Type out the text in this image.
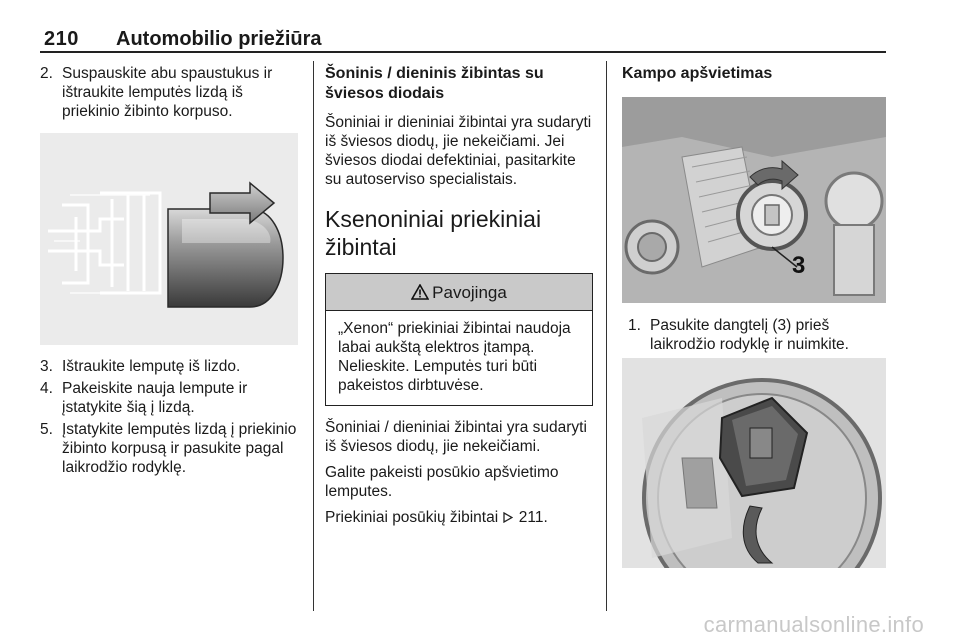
210 Automobilio priežiūra
2. Suspauskite abu spaustukus ir ištraukite lemputės lizdą iš priekinio žibinto korpuso.
3. Ištraukite lemputę iš lizdo.
4. Pakeiskite nauja lempute ir įstatykite šią į lizdą.
5. Įstatykite lemputės lizdą į priekinio žibinto korpusą ir pasukite pagal laikrodžio rodyklę.
Šoninis / dieninis žibintas su šviesos diodais

Šoniniai ir dieniniai žibintai yra sudaryti iš šviesos diodų, jie nekeičiami. Jei šviesos diodai defektiniai, pasitarkite su autoserviso specialistais.

Ksenoniniai priekiniai žibintai
Pavojinga
„Xenon“ priekiniai žibintai naudoja labai aukštą elektros įtampą. Nelieskite. Lemputės turi būti pakeistos dirbtuvėse.

Šoniniai / dieniniai žibintai yra sudaryti iš šviesos diodų, jie nekeičiami.

Galite pakeisti posūkio apšvietimo lemputes.

Priekiniai posūkių žibintai 211.

Kampo apšvietimas
3
1. Pasukite dangtelį (3) prieš laikrodžio rodyklę ir nuimkite.
carmanualsonline.info
